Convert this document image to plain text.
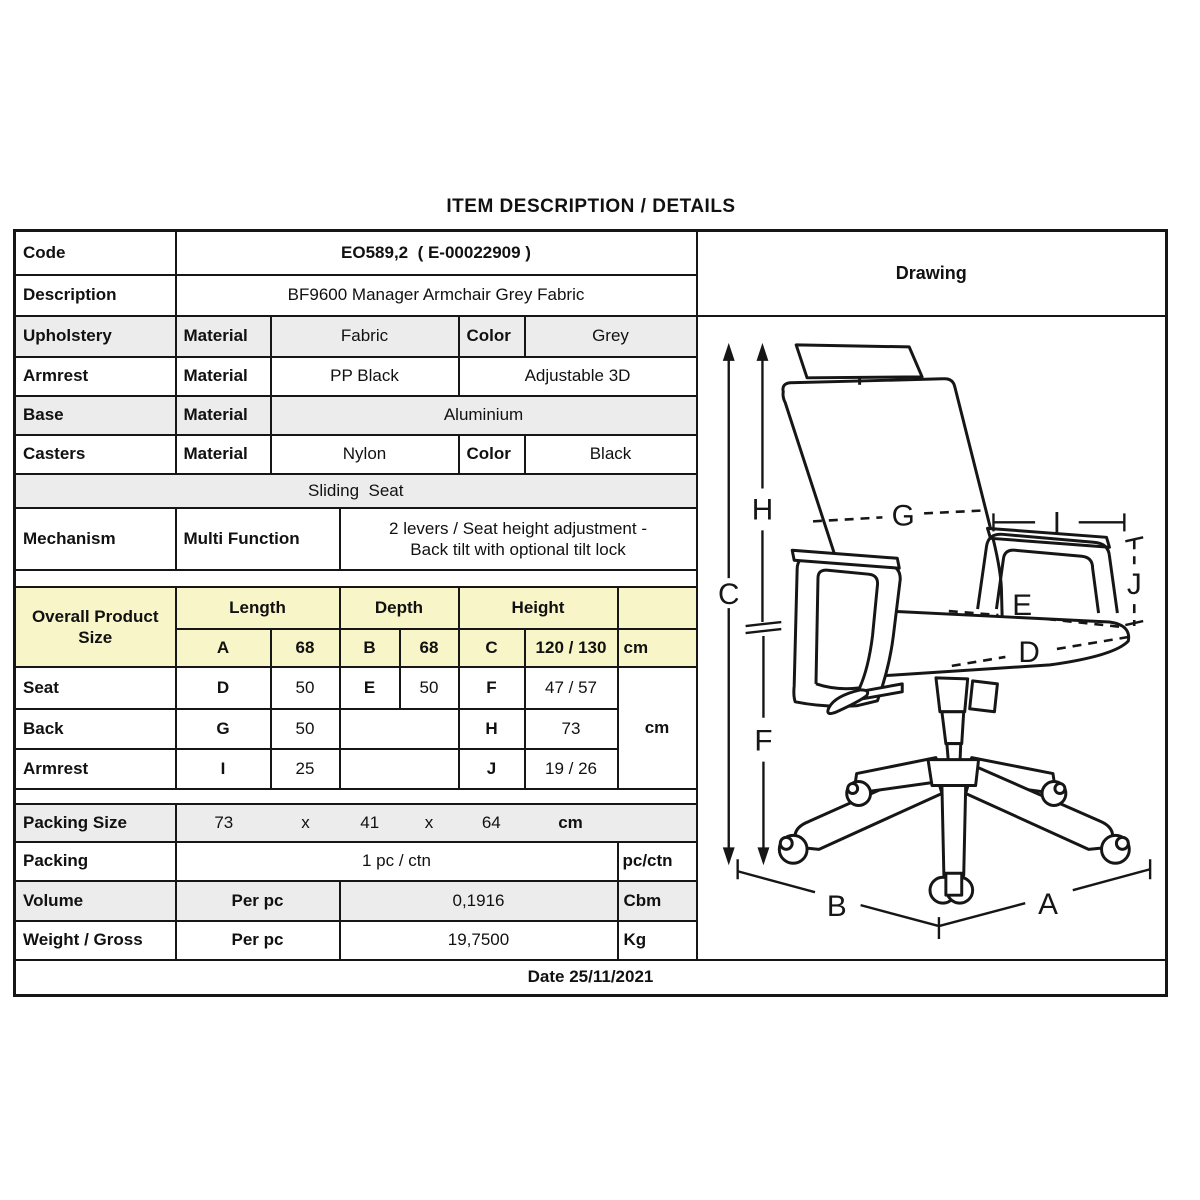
ITEM DESCRIPTION / DETAILS
Code	EO589,2  ( E-00022909 )							Drawing
Description	BF9600 Manager Armchair Grey Fabric							
Upholstery	Material	Fabric	Color	Grey	
C
H
F
G	I
J
E
D
B	A

Armrest	Material	PP Black			Adjustable 3D			
Base	Material	Aluminium						
Casters	Material	Nylon			Color	Black		
Sliding  Seat								
Mechanism	Multi Function		2 levers / Seat height adjustment -
Back tilt with optional tilt lock					

Overall Product Size	Length		Depth		Height			
	A	68	B	68	C	120 / 130	cm	
Seat	D	50	E	50	F	47 / 57	cm	
Back	G	50			H	73		
Armrest	I	25			J	19 / 26		

Packing Size	73	x	41	x	64	cm

Packing	1 pc / ctn						pc/ctn	
Volume	Per pc		0,1916				Cbm	
Weight / Gross	Per pc		19,7500				Kg	
Date 25/11/2021								
